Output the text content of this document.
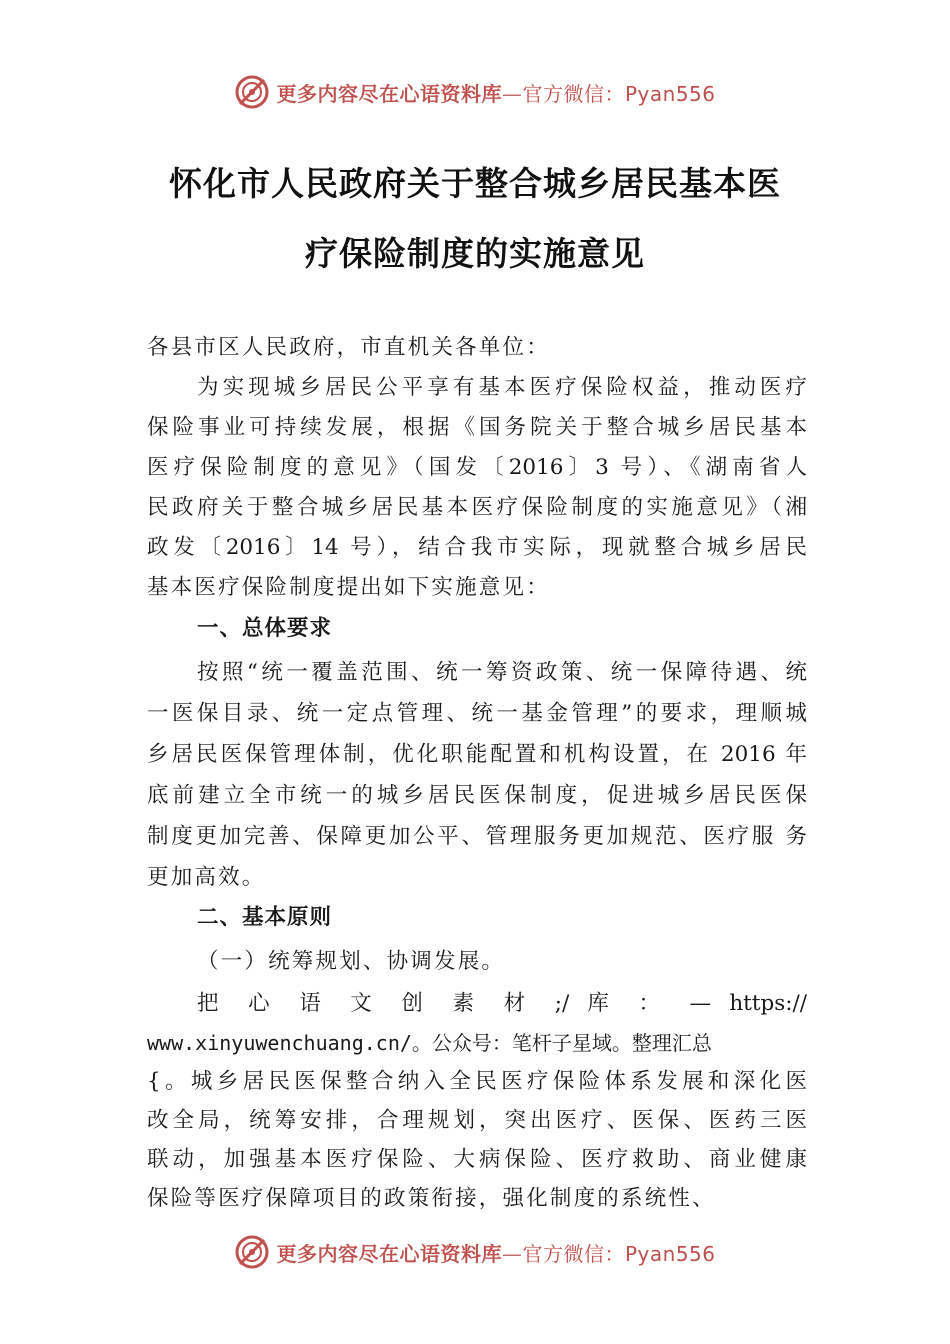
更多内容尽在心语资料库—官方微信：Pyan556
怀化市人民政府关于整合城乡居民基本医
疗保险制度的实施意见
各县市区人民政府，市直机关各单位：
为实现城乡居民公平享有基本医疗保险权益，推动医疗
保险事业可持续发展，根据《国务院关于整合城乡居民基本
医疗保险制度的意见》（国发〔2016〕3 号）、《湖南省人
民政府关于整合城乡居民基本医疗保险制度的实施意见》（湘
政发〔2016〕14 号），结合我市实际，现就整合城乡居民
基本医疗保险制度提出如下实施意见：
一、总体要求
按照“统一覆盖范围、统一筹资政策、统一保障待遇、统
一医保目录、统一定点管理、统一基金管理”的要求，理顺城
乡居民医保管理体制，优化职能配置和机构设置，在 2016 年
底前建立全市统一的城乡居民医保制度，促进城乡居民医保
制度更加完善、保障更加公平、管理服务更加规范、医疗服 务
更加高效。
二、基本原则
（一）统筹规划、协调发展。
把 心 语 文 创 素 材 ;/ 库 ： — https://
www.xinyuwenchuang.cn/。公众号：笔杆子星域。整理汇总
{。城乡居民医保整合纳入全民医疗保险体系发展和深化医
改全局，统筹安排，合理规划，突出医疗、医保、医药三医
联动，加强基本医疗保险、大病保险、医疗救助、商业健康
保险等医疗保障项目的政策衔接，强化制度的系统性、
更多内容尽在心语资料库—官方微信：Pyan556
